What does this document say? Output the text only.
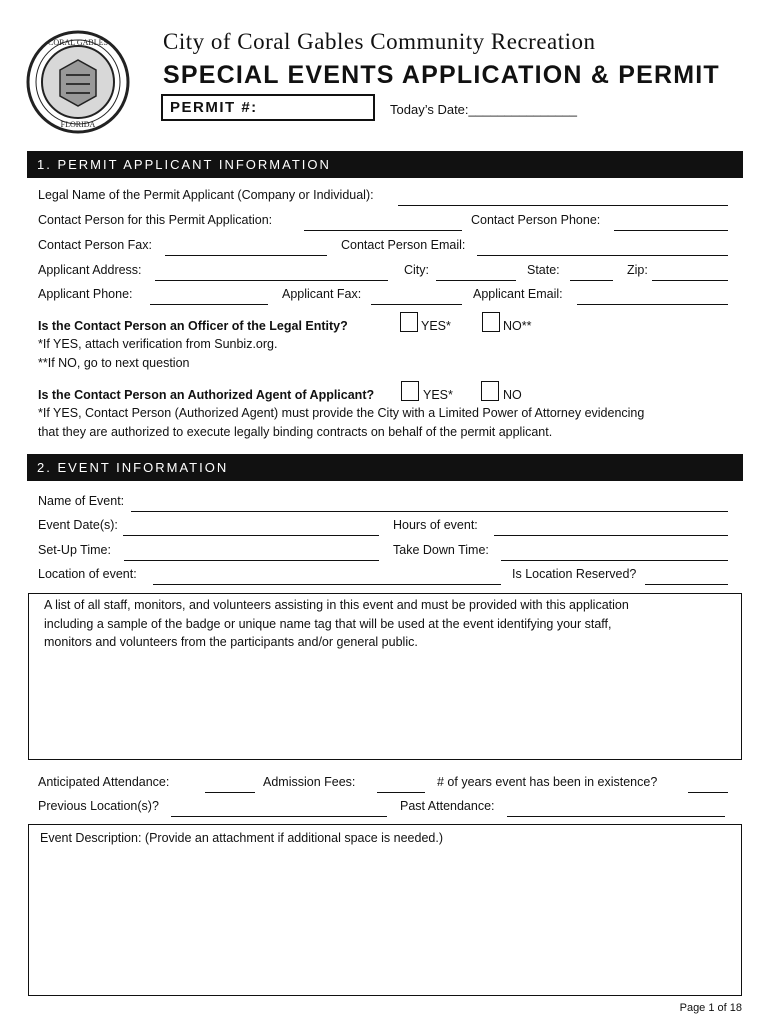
CORAL GABLES
FLORIDA
City of Coral Gables Community Recreation
SPECIAL EVENTS APPLICATION & PERMIT
PERMIT #:	Today’s Date:_______________
1. PERMIT APPLICANT INFORMATION
Legal Name of the Permit Applicant (Company or Individual):
Contact Person for this Permit Application:	Contact Person Phone:
Contact Person Fax:	Contact Person Email:
Applicant Address:	City:	State:	Zip:
Applicant Phone:	Applicant Fax:	Applicant Email:
Is the Contact Person an Officer of the Legal Entity?	YES*	NO**
*If YES, attach verification from Sunbiz.org.
**If NO, go to next question
Is the Contact Person an Authorized Agent of Applicant?	YES*	NO
*If YES, Contact Person (Authorized Agent) must provide the City with a Limited Power of Attorney evidencing
that they are authorized to execute legally binding contracts on behalf of the permit applicant.
2. EVENT INFORMATION
Name of Event:
Event Date(s):	Hours of event:
Set-Up Time:	Take Down Time:
Location of event:	Is Location Reserved?
A list of all staff, monitors, and volunteers assisting in this event and must be provided with this application
including a sample of the badge or unique name tag that will be used at the event identifying your staff,
monitors and volunteers from the participants and/or general public.
Anticipated Attendance:	Admission Fees:	# of years event has been in existence?
Previous Location(s)?	Past Attendance:
Event Description: (Provide an attachment if additional space is needed.)
Page 1 of 18
